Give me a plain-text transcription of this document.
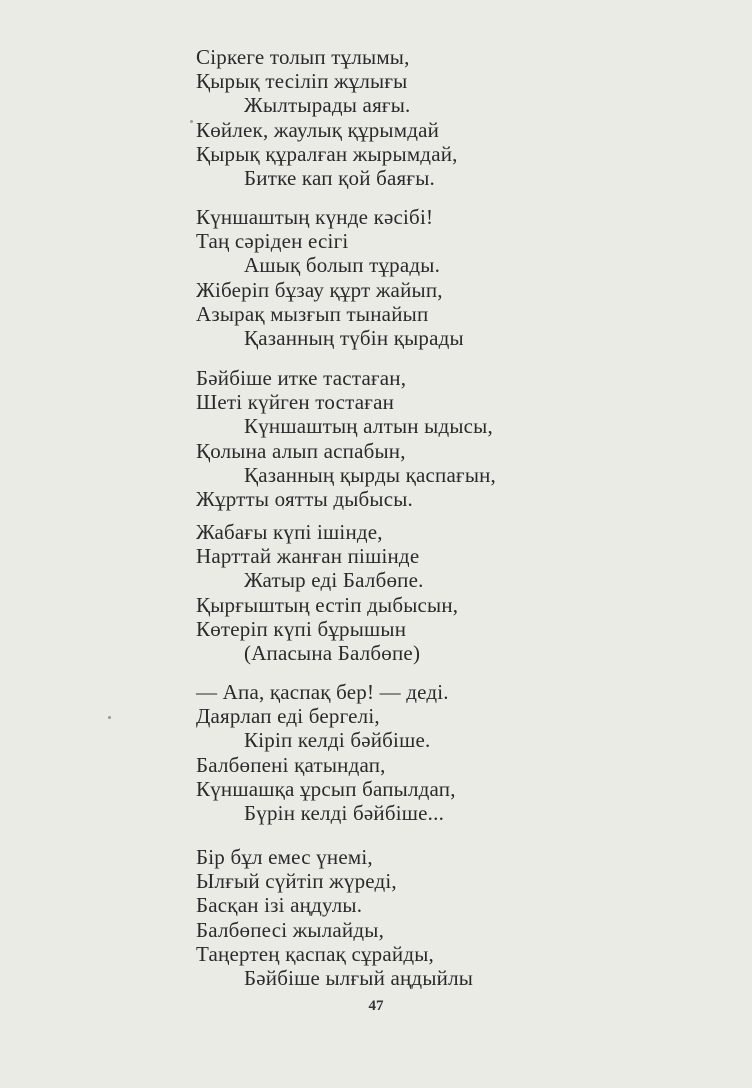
Сіркеге толып тұлымы,
Қырық тесіліп жұлығы
Жылтырады аяғы.
Көйлек, жаулық құрымдай
Қырық құралған жырымдай,
Битке кап қой баяғы.
Күншаштың күнде кәсібі!
Таң сәріден есігі
Ашық болып тұрады.
Жіберіп бұзау құрт жайып,
Азырақ мызғып тынайып
Қазанның түбін қырады
Бәйбіше итке тастаған,
Шеті күйген тостаған
Күншаштың алтын ыдысы,
Қолына алып аспабын,
Қазанның қырды қаспағын,
Жұртты оятты дыбысы.
Жабағы күпі ішінде,
Нарттай жанған пішінде
Жатыр еді Балбөпе.
Қырғыштың естіп дыбысын,
Көтеріп күпі бұрышын
(Апасына Балбөпе)
— Апа, қаспақ бер! — деді.
Даярлап еді бергелі,
Кіріп келді бәйбіше.
Балбөпені қатындап,
Күншашқа ұрсып бапылдап,
Бүрін келді бәйбіше...
Бір бұл емес үнемі,
Ылғый сүйтіп жүреді,
Басқан ізі аңдулы.
Балбөпесі жылайды,
Таңертең қаспақ сұрайды,
Бәйбіше ылғый аңдыйлы
47
